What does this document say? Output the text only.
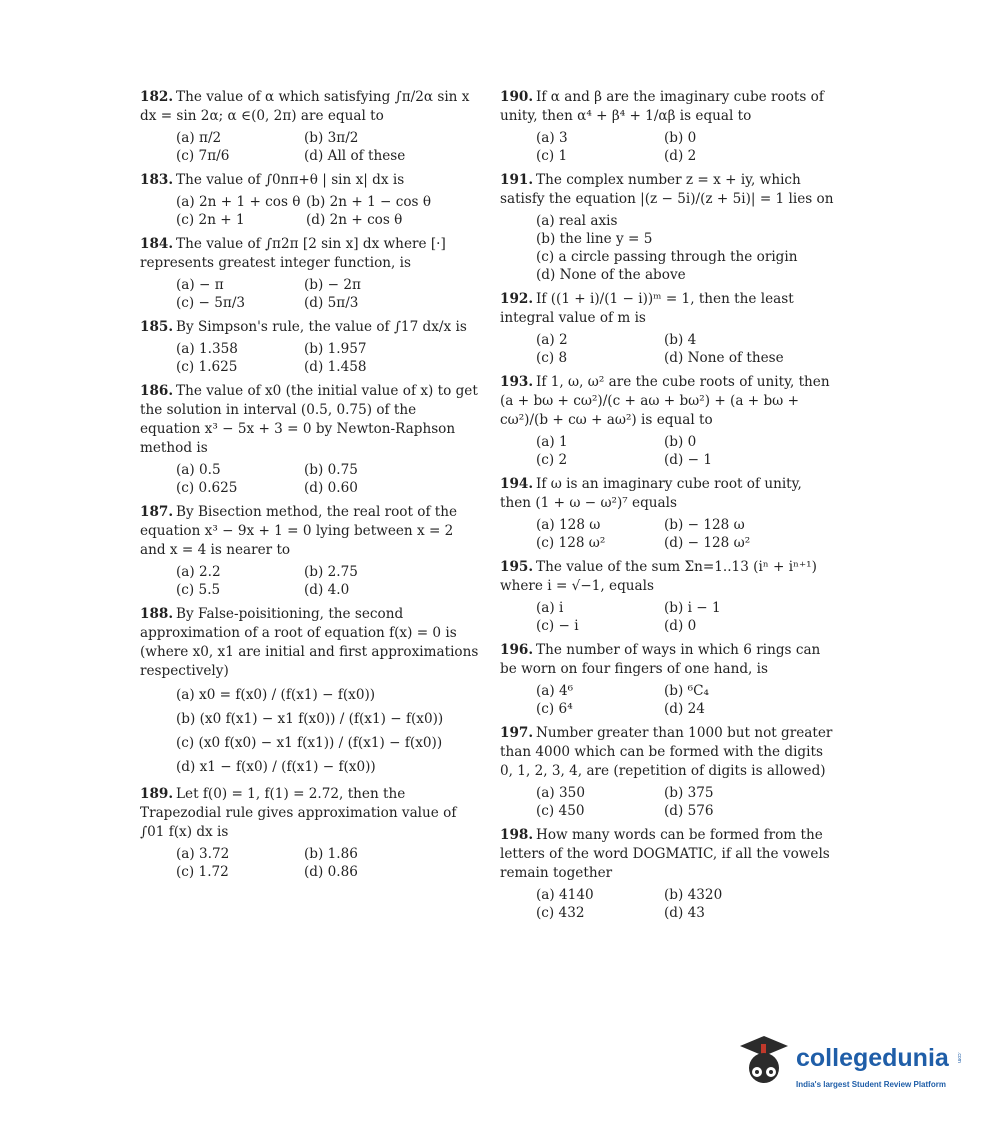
182. The value of α which satisfying ∫π/2α sin x dx = sin 2α; α ∈(0, 2π) are equal to
(a) π/2	(b) 3π/2
(c) 7π/6	(d) All of these
183. The value of ∫0nπ+θ | sin x| dx is
(a) 2n + 1 + cos θ (b) 2n + 1 − cos θ
(c) 2n + 1	(d) 2n + cos θ
184. The value of ∫π2π [2 sin x] dx where [·] represents greatest integer function, is
(a) − π	(b) − 2π
(c) − 5π/3	(d) 5π/3
185. By Simpson's rule, the value of ∫17 dx/x is
(a) 1.358	(b) 1.957
(c) 1.625	(d) 1.458
186. The value of x0 (the initial value of x) to get the solution in interval (0.5, 0.75) of the equation x³ − 5x + 3 = 0 by Newton-Raphson method is
(a) 0.5	(b) 0.75
(c) 0.625	(d) 0.60
187. By Bisection method, the real root of the equation x³ − 9x + 1 = 0 lying between x = 2 and x = 4 is nearer to
(a) 2.2	(b) 2.75
(c) 5.5	(d) 4.0
188. By False-poisitioning, the second approximation of a root of equation f(x) = 0 is (where x0, x1 are initial and first approximations respectively)
(a) x0 = f(x0) / (f(x1) − f(x0))
(b) (x0 f(x1) − x1 f(x0)) / (f(x1) − f(x0))
(c) (x0 f(x0) − x1 f(x1)) / (f(x1) − f(x0))
(d) x1 − f(x0) / (f(x1) − f(x0))
189. Let f(0) = 1, f(1) = 2.72, then the Trapezodial rule gives approximation value of ∫01 f(x) dx is
(a) 3.72	(b) 1.86
(c) 1.72	(d) 0.86
190. If α and β are the imaginary cube roots of unity, then α⁴ + β⁴ + 1/αβ is equal to
(a) 3	(b) 0
(c) 1	(d) 2
191. The complex number z = x + iy, which satisfy the equation |(z − 5i)/(z + 5i)| = 1 lies on
(a) real axis
(b) the line y = 5
(c) a circle passing through the origin
(d) None of the above
192. If ((1 + i)/(1 − i))ᵐ = 1, then the least integral value of m is
(a) 2	(b) 4
(c) 8	(d) None of these
193. If 1, ω, ω² are the cube roots of unity, then (a + bω + cω²)/(c + aω + bω²) + (a + bω + cω²)/(b + cω + aω²) is equal to
(a) 1	(b) 0
(c) 2	(d) − 1
194. If ω is an imaginary cube root of unity, then (1 + ω − ω²)⁷ equals
(a) 128 ω	(b) − 128 ω
(c) 128 ω²	(d) − 128 ω²
195. The value of the sum Σn=1..13 (iⁿ + iⁿ⁺¹) where i = √−1, equals
(a) i	(b) i − 1
(c) − i	(d) 0
196. The number of ways in which 6 rings can be worn on four fingers of one hand, is
(a) 4⁶	(b) ⁶C₄
(c) 6⁴	(d) 24
197. Number greater than 1000 but not greater than 4000 which can be formed with the digits 0, 1, 2, 3, 4, are (repetition of digits is allowed)
(a) 350	(b) 375
(c) 450	(d) 576
198. How many words can be formed from the letters of the word DOGMATIC, if all the vowels remain together
(a) 4140	(b) 4320
(c) 432	(d) 43
collegedunia
India's largest Student Review Platform
.com
